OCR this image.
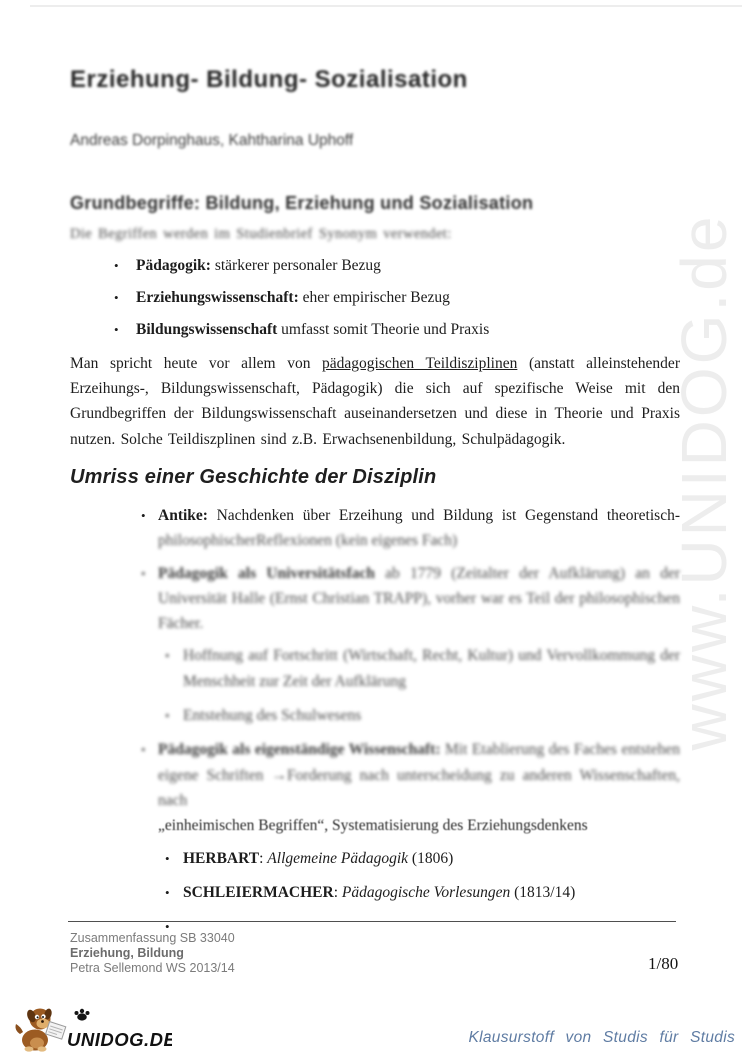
www.UNIDOG.de
Erziehung- Bildung- Sozialisation
Andreas Dorpinghaus, Kahtharina Uphoff
Grundbegriffe: Bildung, Erziehung und Sozialisation
Die Begriffen werden im Studienbrief Synonym verwendet:
• Pädagogik: stärkerer personaler Bezug
• Erziehungswissenschaft: eher empirischer Bezug
• Bildungswissenschaft umfasst somit Theorie und Praxis
Man spricht heute vor allem von pädagogischen Teildisziplinen (anstatt alleinstehender Erzeihungs-, Bildungswissenschaft, Pädagogik) die sich auf spezifische Weise mit den Grundbegriffen der Bildungswissenschaft auseinandersetzen und diese in Theorie und Praxis nutzen. Solche Teildiszplinen sind z.B. Erwachsenenbildung, Schulpädagogik.
Umriss einer Geschichte der Disziplin
• Antike: Nachdenken über Erzeihung und Bildung ist Gegenstand theoretisch-
philosophischerReflexionen (kein eigenes Fach)
• Pädagogik als Universitätsfach ab 1779 (Zeitalter der Aufklärung) an der
Universität Halle (Ernst Christian TRAPP), vorher war es Teil der philosophischen
Fächer.
• Hoffnung auf Fortschritt (Wirtschaft, Recht, Kultur) und Vervollkommung der
Menschheit zur Zeit der Aufklärung
• Entstehung des Schulwesens
• Pädagogik als eigenständige Wissenschaft: Mit Etablierung des Faches entstehen
eigene Schriften →Forderung nach unterscheidung zu anderen Wissenschaften, nach
„einheimischen Begriffen“, Systematisierung des Erziehungsdenkens
• HERBART: Allgemeine Pädagogik (1806)
• SCHLEIERMACHER: Pädagogische Vorlesungen (1813/14)
•

Zusammenfassung SB 33040
Erziehung, Bildung
Petra Sellemond WS 2013/14	1/80
UNIDOG.DE	Klausurstoff von Studis für Studis
